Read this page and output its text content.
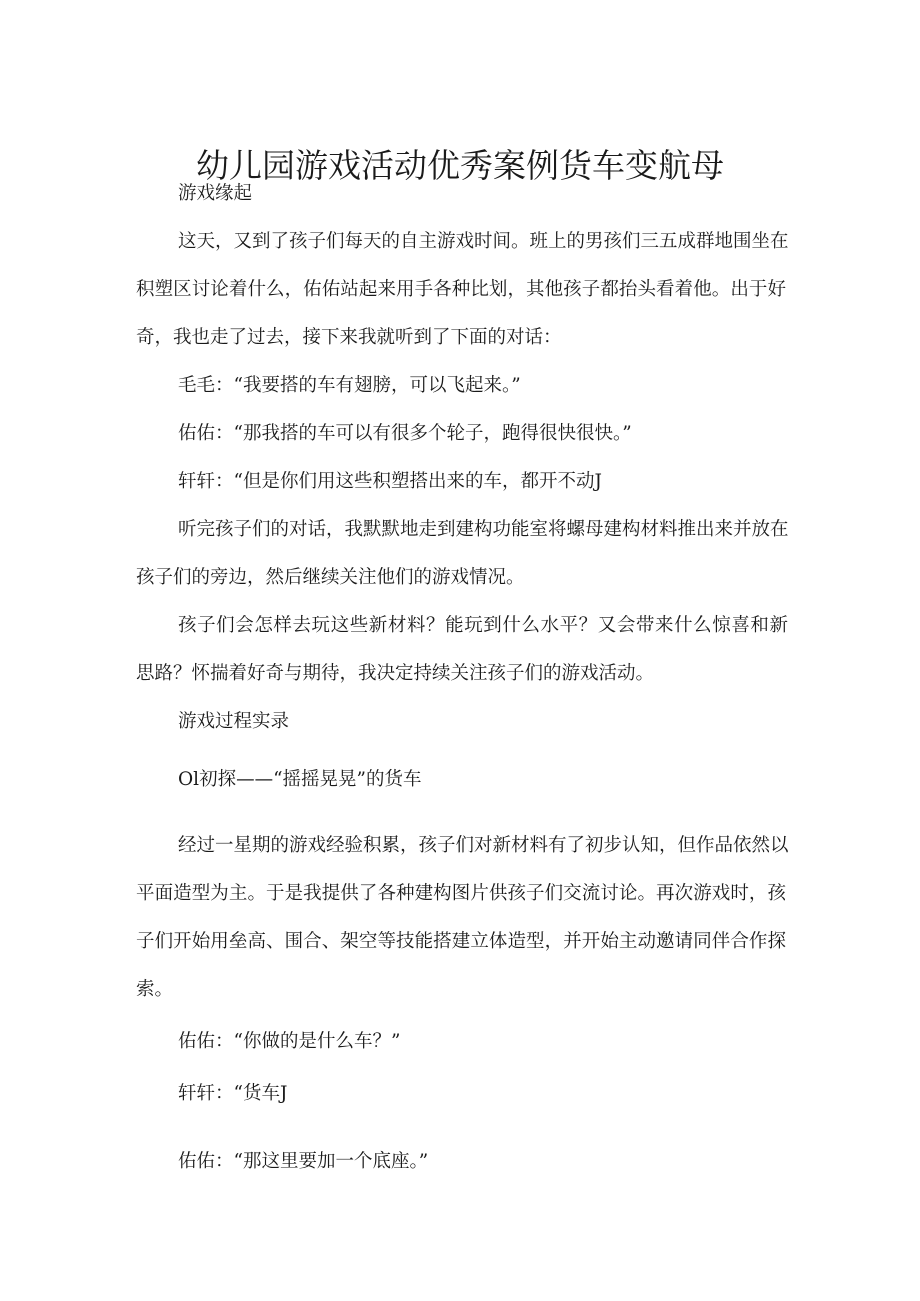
幼儿园游戏活动优秀案例货车变航母
游戏缘起
这天，又到了孩子们每天的自主游戏时间。班上的男孩们三五成群地围坐在
积塑区讨论着什么，佑佑站起来用手各种比划，其他孩子都抬头看着他。出于好
奇，我也走了过去，接下来我就听到了下面的对话：
毛毛：“我要搭的车有翅膀，可以飞起来。”
佑佑：“那我搭的车可以有很多个轮子，跑得很快很快。”
轩轩：“但是你们用这些积塑搭出来的车，都开不动J
听完孩子们的对话，我默默地走到建构功能室将螺母建构材料推出来并放在
孩子们的旁边，然后继续关注他们的游戏情况。
孩子们会怎样去玩这些新材料？能玩到什么水平？又会带来什么惊喜和新
思路？怀揣着好奇与期待，我决定持续关注孩子们的游戏活动。
游戏过程实录
Ol初探——“摇摇晃晃”的货车
经过一星期的游戏经验积累，孩子们对新材料有了初步认知，但作品依然以
平面造型为主。于是我提供了各种建构图片供孩子们交流讨论。再次游戏时，孩
子们开始用垒高、围合、架空等技能搭建立体造型，并开始主动邀请同伴合作探
索。
佑佑：“你做的是什么车？”
轩轩：“货车J
佑佑：“那这里要加一个底座。”
